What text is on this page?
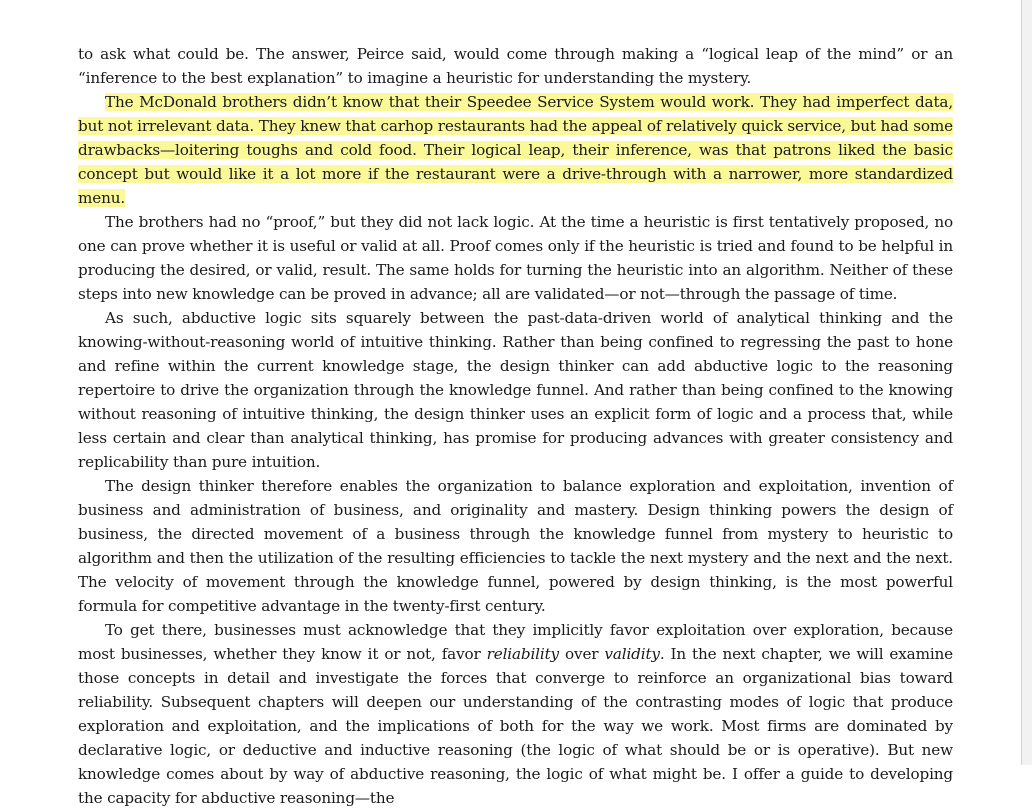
to ask what could be. The answer, Peirce said, would come through making a “logical leap of the mind” or an “inference to the best explanation” to imagine a heuristic for understanding the mystery.

The McDonald brothers didn’t know that their Speedee Service System would work. They had imperfect data, but not irrelevant data. They knew that carhop restaurants had the appeal of relatively quick service, but had some drawbacks—loitering toughs and cold food. Their logical leap, their inference, was that patrons liked the basic concept but would like it a lot more if the restaurant were a drive-through with a narrower, more standardized menu.

The brothers had no “proof,” but they did not lack logic. At the time a heuristic is first tentatively proposed, no one can prove whether it is useful or valid at all. Proof comes only if the heuristic is tried and found to be helpful in producing the desired, or valid, result. The same holds for turning the heuristic into an algorithm. Neither of these steps into new knowledge can be proved in advance; all are validated—or not—through the passage of time.

As such, abductive logic sits squarely between the past-data-driven world of analytical thinking and the knowing-without-reasoning world of intuitive thinking. Rather than being confined to regressing the past to hone and refine within the current knowledge stage, the design thinker can add abductive logic to the reasoning repertoire to drive the organization through the knowledge funnel. And rather than being confined to the knowing without reasoning of intuitive thinking, the design thinker uses an explicit form of logic and a process that, while less certain and clear than analytical thinking, has promise for producing advances with greater consistency and replicability than pure intuition.

The design thinker therefore enables the organization to balance exploration and exploitation, invention of business and administration of business, and originality and mastery. Design thinking powers the design of business, the directed movement of a business through the knowledge funnel from mystery to heuristic to algorithm and then the utilization of the resulting efficiencies to tackle the next mystery and the next and the next. The velocity of movement through the knowledge funnel, powered by design thinking, is the most powerful formula for competitive advantage in the twenty-first century.

To get there, businesses must acknowledge that they implicitly favor exploitation over exploration, because most businesses, whether they know it or not, favor reliability over validity. In the next chapter, we will examine those concepts in detail and investigate the forces that converge to reinforce an organizational bias toward reliability. Subsequent chapters will deepen our understanding of the contrasting modes of logic that produce exploration and exploitation, and the implications of both for the way we work. Most firms are dominated by declarative logic, or deductive and inductive reasoning (the logic of what should be or is operative). But new knowledge comes about by way of abductive reasoning, the logic of what might be. I offer a guide to developing the capacity for abductive reasoning—the
